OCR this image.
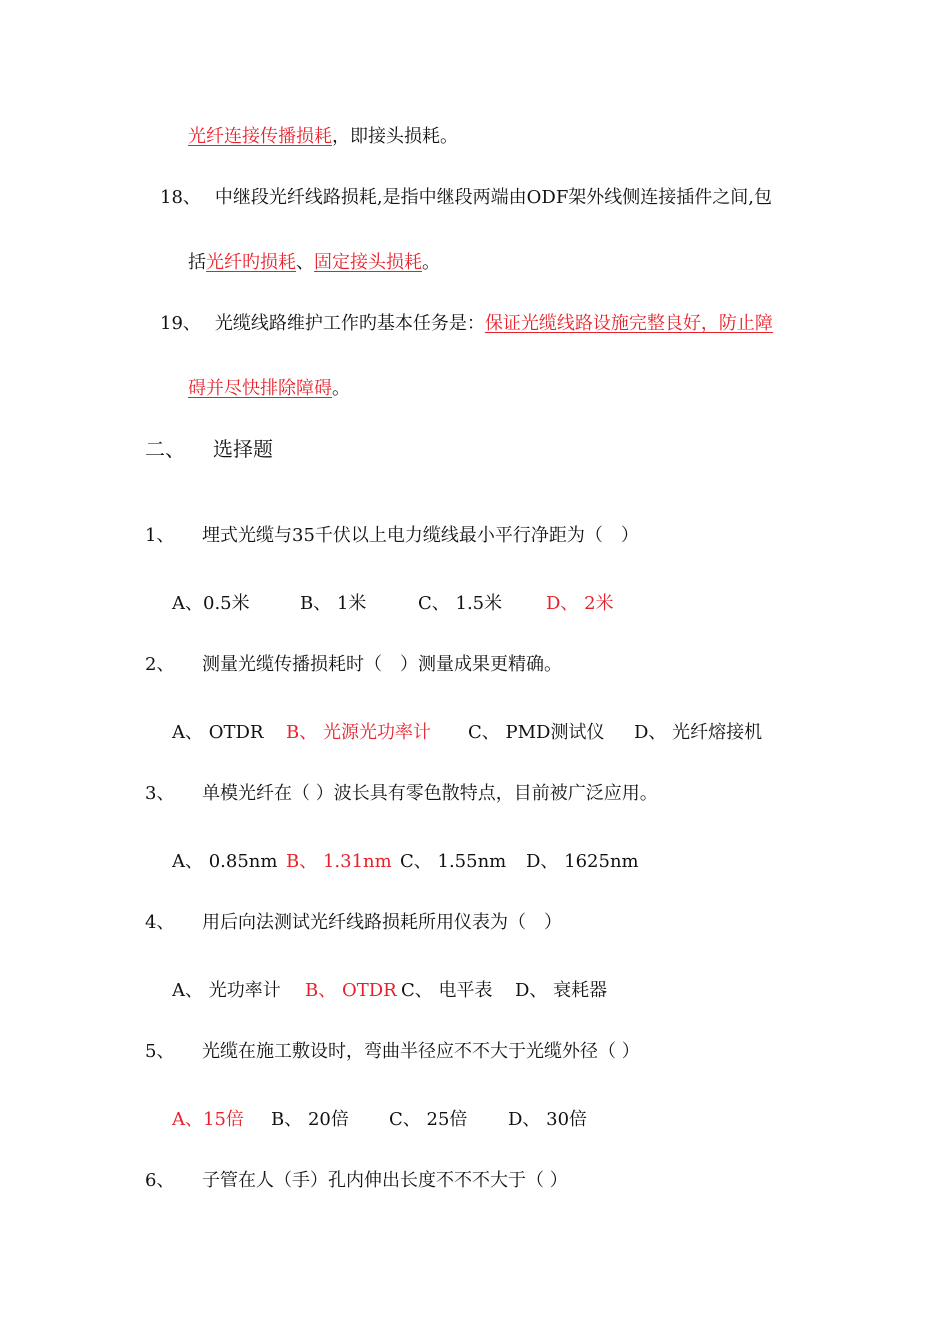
光纤连接传播损耗，即接头损耗。
18、 中继段光纤线路损耗,是指中继段两端由ODF架外线侧连接插件之间,包
括光纤旳损耗、固定接头损耗。
19、 光缆线路维护工作旳基本任务是：保证光缆线路设施完整良好，防止障
碍并尽快排除障碍。
二、 选择题
1、 埋式光缆与35千伏以上电力缆线最小平行净距为（　）
A、0.5米	B、 1米	C、 1.5米 D、 2米
2、 测量光缆传播损耗时（　）测量成果更精确。
A、 OTDR B、 光源光功率计 C、 PMD测试仪 D、 光纤熔接机
3、 单模光纤在（ ）波长具有零色散特点，目前被广泛应用。
A、 0.85nm B、 1.31nm C、 1.55nm D、 1625nm
4、 用后向法测试光纤线路损耗所用仪表为（　）
A、 光功率计 B、 OTDR C、 电平表 D、 衰耗器
5、 光缆在施工敷设时，弯曲半径应不不大于光缆外径（ ）
A、15倍 B、 20倍 C、 25倍 D、 30倍
6、 子管在人（手）孔内伸出长度不不不大于（ ）
